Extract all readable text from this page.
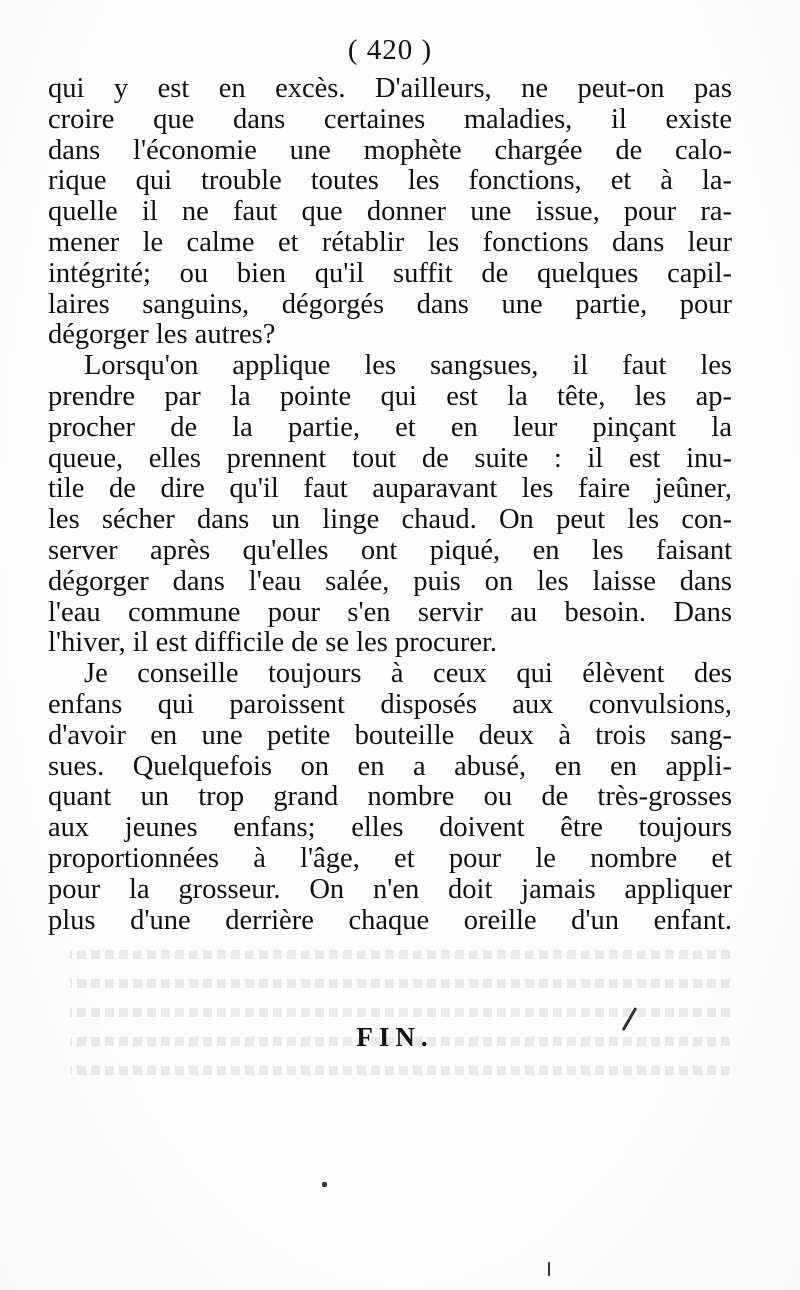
( 420 )
qui y est en excès. D'ailleurs, ne peut-on pas
croire que dans certaines maladies, il existe
dans l'économie une mophète chargée de calo-
rique qui trouble toutes les fonctions, et à la-
quelle il ne faut que donner une issue, pour ra-
mener le calme et rétablir les fonctions dans leur
intégrité; ou bien qu'il suffit de quelques capil-
laires sanguins, dégorgés dans une partie, pour
dégorger les autres?
Lorsqu'on applique les sangsues, il faut les
prendre par la pointe qui est la tête, les ap-
procher de la partie, et en leur pinçant la
queue, elles prennent tout de suite : il est inu-
tile de dire qu'il faut auparavant les faire jeûner,
les sécher dans un linge chaud. On peut les con-
server après qu'elles ont piqué, en les faisant
dégorger dans l'eau salée, puis on les laisse dans
l'eau commune pour s'en servir au besoin. Dans
l'hiver, il est difficile de se les procurer.
Je conseille toujours à ceux qui élèvent des
enfans qui paroissent disposés aux convulsions,
d'avoir en une petite bouteille deux à trois sang-
sues. Quelquefois on en a abusé, en en appli-
quant un trop grand nombre ou de très-grosses
aux jeunes enfans; elles doivent être toujours
proportionnées à l'âge, et pour le nombre et
pour la grosseur. On n'en doit jamais appliquer
plus d'une derrière chaque oreille d'un enfant.
FIN.
